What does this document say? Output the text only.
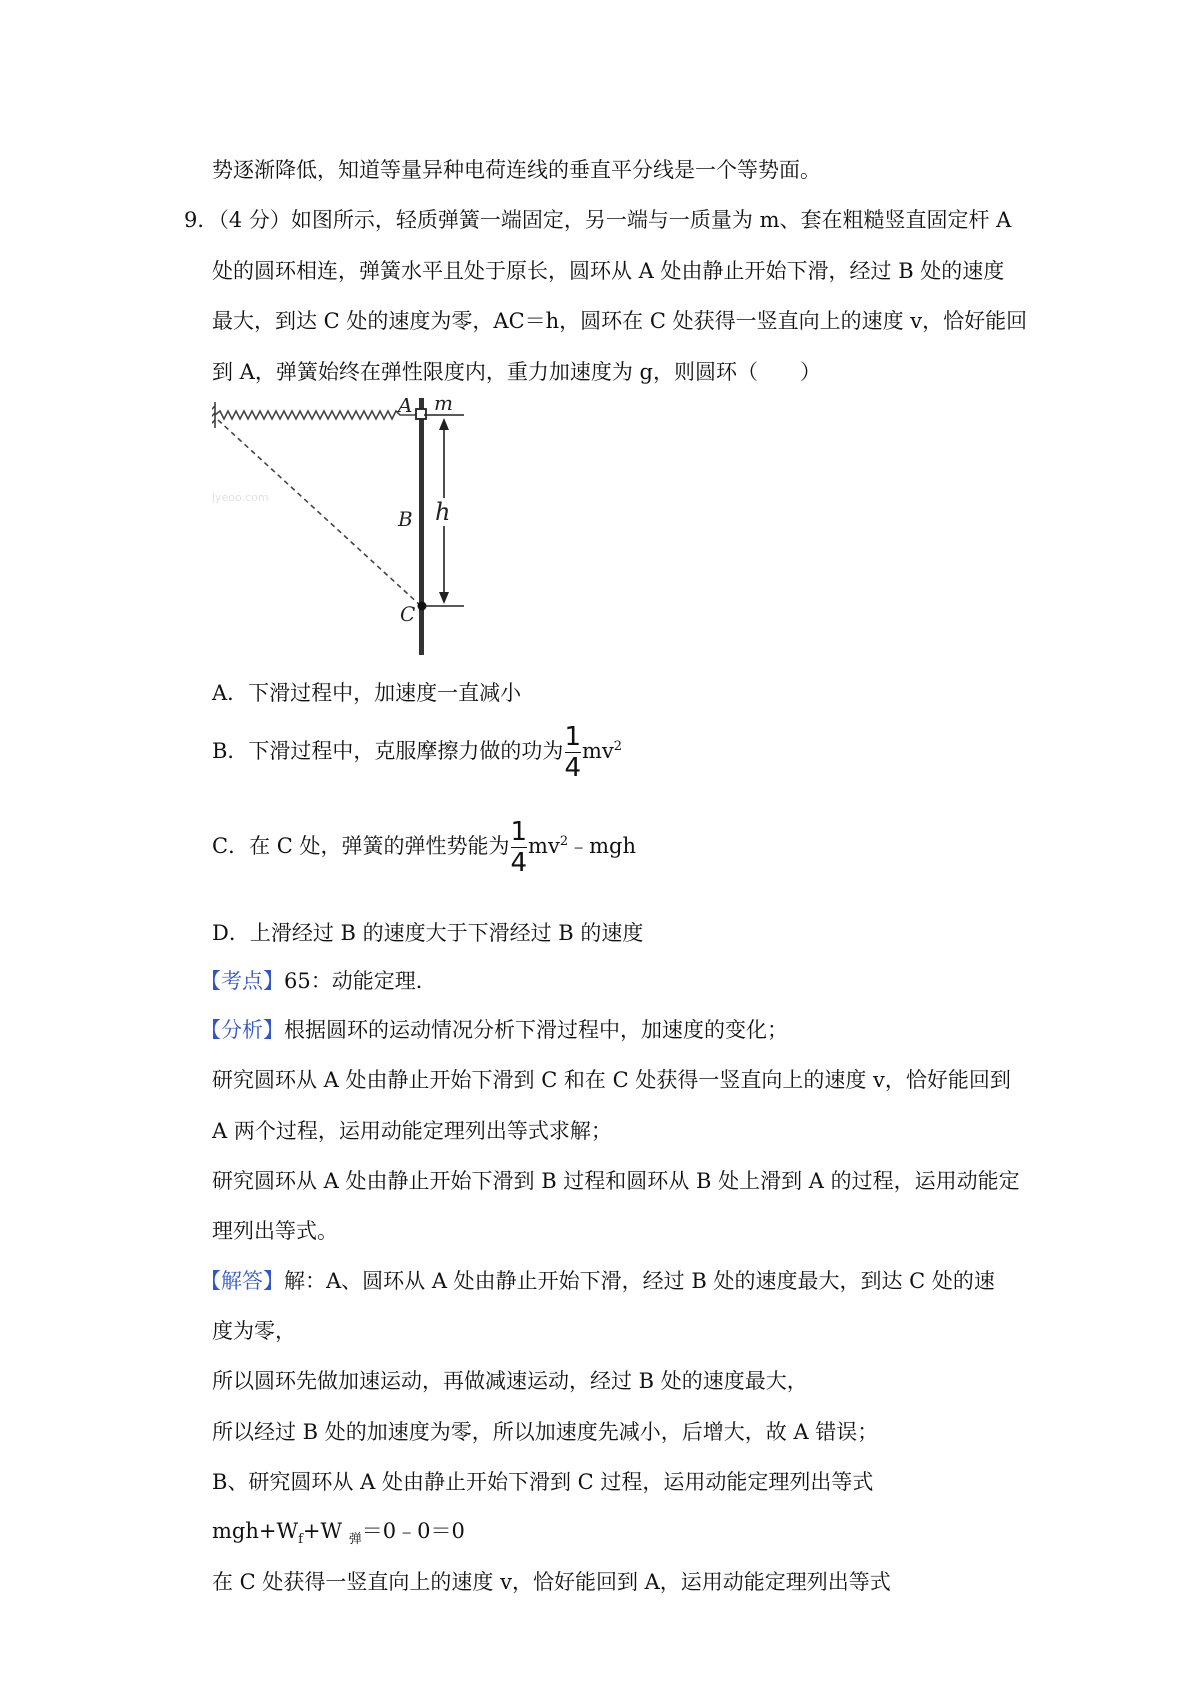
势逐渐降低，知道等量异种电荷连线的垂直平分线是一个等势面。
9．（4 分）如图所示，轻质弹簧一端固定，另一端与一质量为 m、套在粗糙竖直固定杆 A
处的圆环相连，弹簧水平且处于原长，圆环从 A 处由静止开始下滑，经过 B 处的速度
最大，到达 C 处的速度为零，AC＝h，圆环在 C 处获得一竖直向上的速度 v，恰好能回
到 A，弹簧始终在弹性限度内，重力加速度为 g，则圆环（　　）
A m
B h
C
jyeoo.com
A．下滑过程中，加速度一直减小
B．下滑过程中，克服摩擦力做的功为 $\frac{1}{4} mv^2$
C．在 C 处，弹簧的弹性势能为 $\frac{1}{4}$ $mv^2﹣mgh$
D．上滑经过 B 的速度大于下滑经过 B 的速度
【考点】65：动能定理．
【分析】根据圆环的运动情况分析下滑过程中，加速度的变化；
研究圆环从 A 处由静止开始下滑到 C 和在 C 处获得一竖直向上的速度 v，恰好能回到
A 两个过程，运用动能定理列出等式求解；
研究圆环从 A 处由静止开始下滑到 B 过程和圆环从 B 处上滑到 A 的过程，运用动能定
理列出等式。
【解答】解：A、圆环从 A 处由静止开始下滑，经过 B 处的速度最大，到达 C 处的速
度为零，
所以圆环先做加速运动，再做减速运动，经过 B 处的速度最大，
所以经过 B 处的加速度为零，所以加速度先减小，后增大，故 A 错误；
B、研究圆环从 A 处由静止开始下滑到 C 过程，运用动能定理列出等式
$mgh+W_f+W$ $_弹$＝0﹣0＝0
在 C 处获得一竖直向上的速度 v，恰好能回到 A，运用动能定理列出等式
